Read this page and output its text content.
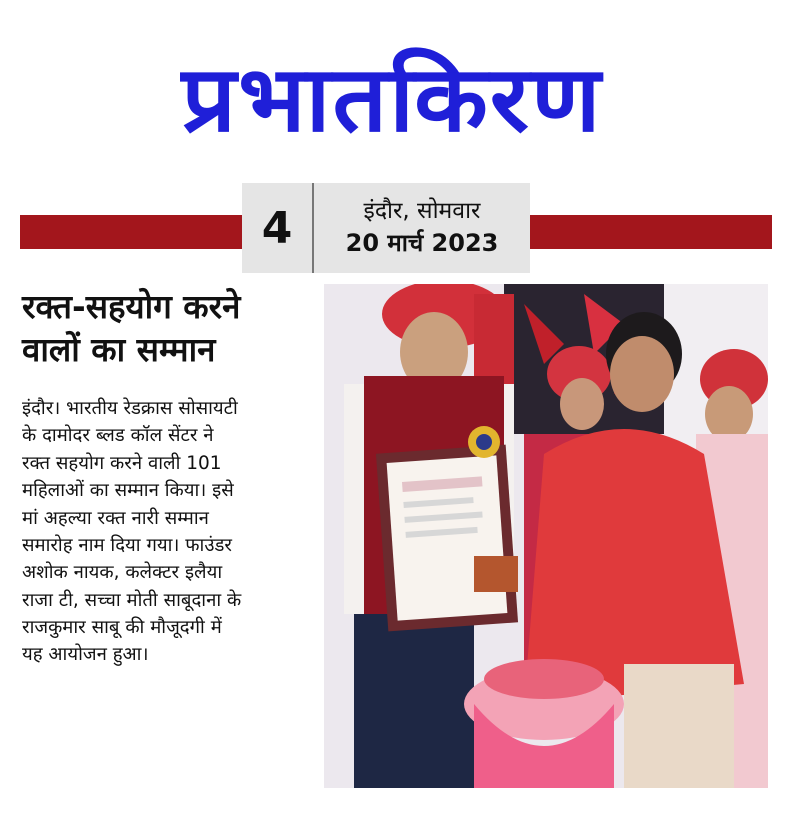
प्रभातकिरण
4	इंदौर, सोमवार
20 मार्च 2023
रक्त-सहयोग करने
वालों का सम्मान
इंदौर। भारतीय रेडक्रास सोसायटी
के दामोदर ब्लड कॉल सेंटर ने
रक्त सहयोग करने वाली 101
महिलाओं का सम्मान किया। इसे
मां अहल्या रक्त नारी सम्मान
समारोह नाम दिया गया। फाउंडर
अशोक नायक, कलेक्टर इलैया
राजा टी, सच्चा मोती साबूदाना के
राजकुमार साबू की मौजूदगी में
यह आयोजन हुआ।
